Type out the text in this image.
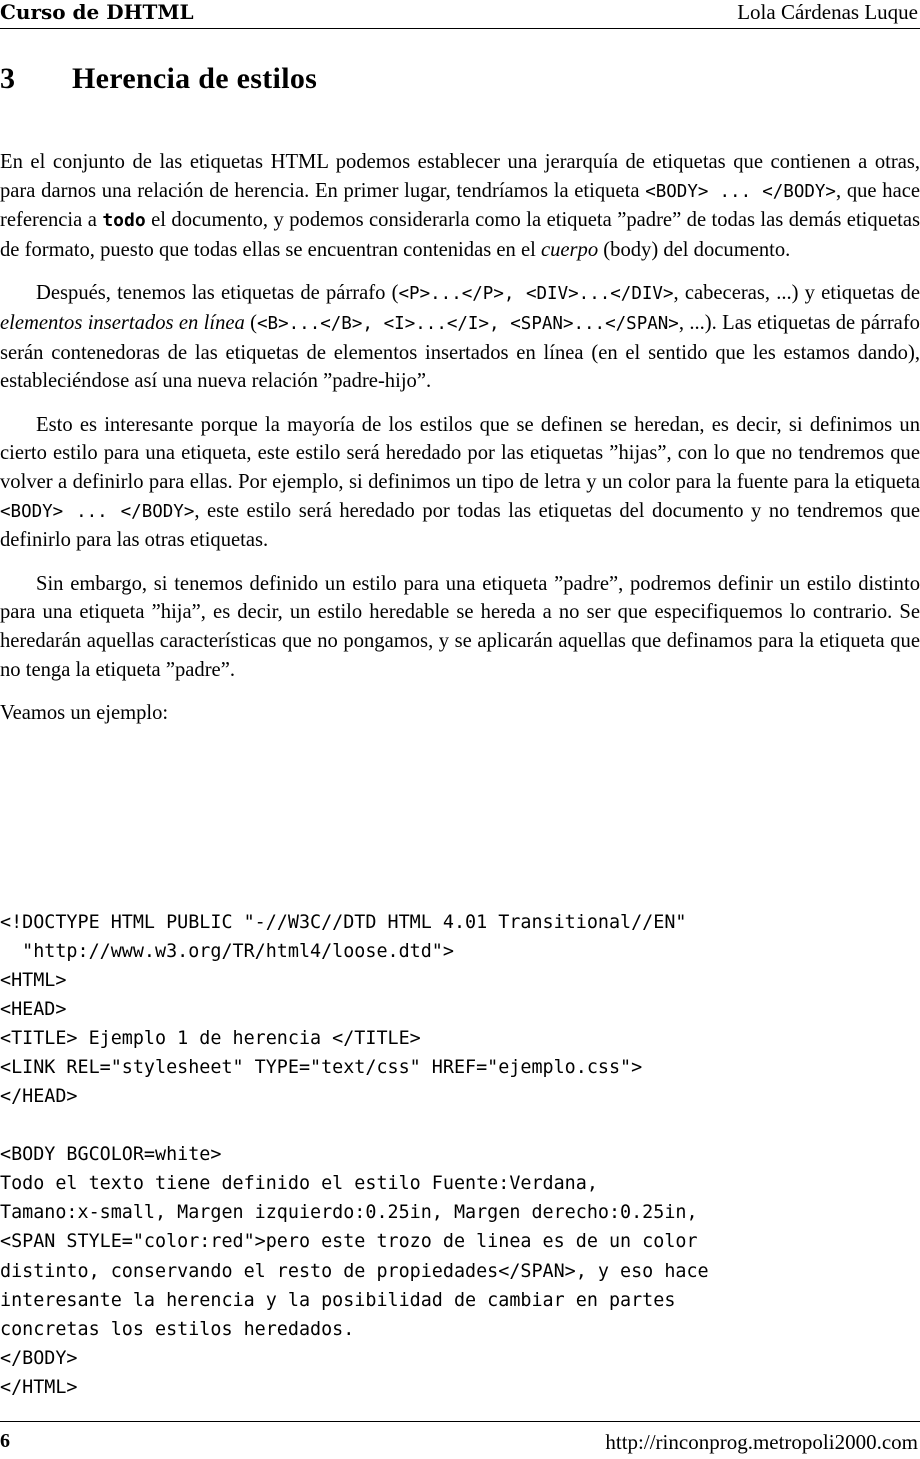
Curso de DHTML	Lola Cárdenas Luque
3 Herencia de estilos

En el conjunto de las etiquetas HTML podemos establecer una jerarquía de etiquetas que contienen a otras, para darnos una relación de herencia. En primer lugar, tendríamos la etiqueta <BODY> ... </BODY>, que hace referencia a todo el documento, y podemos considerarla como la etiqueta ”padre” de todas las demás etiquetas de formato, puesto que todas ellas se encuentran contenidas en el cuerpo (body) del documento.

Después, tenemos las etiquetas de párrafo (<P>...</P>, <DIV>...</DIV>, cabeceras, ...) y etiquetas de elementos insertados en línea (<B>...</B>, <I>...</I>, <SPAN>...</SPAN>, ...). Las etiquetas de párrafo serán contenedoras de las etiquetas de elementos insertados en línea (en el sentido que les estamos dando), estableciéndose así una nueva relación ”padre-hijo”.

Esto es interesante porque la mayoría de los estilos que se definen se heredan, es decir, si definimos un cierto estilo para una etiqueta, este estilo será heredado por las etiquetas ”hijas”, con lo que no tendremos que volver a definirlo para ellas. Por ejemplo, si definimos un tipo de letra y un color para la fuente para la etiqueta <BODY> ... </BODY>, este estilo será heredado por todas las etiquetas del documento y no tendremos que definirlo para las otras etiquetas.

Sin embargo, si tenemos definido un estilo para una etiqueta ”padre”, podremos definir un estilo distinto para una etiqueta ”hija”, es decir, un estilo heredable se hereda a no ser que especifiquemos lo contrario. Se heredarán aquellas características que no pongamos, y se aplicarán aquellas que definamos para la etiqueta que no tenga la etiqueta ”padre”.

Veamos un ejemplo:

<!DOCTYPE HTML PUBLIC "-//W3C//DTD HTML 4.01 Transitional//EN"
"http://www.w3.org/TR/html4/loose.dtd">
<HTML>
<HEAD>
<TITLE> Ejemplo 1 de herencia </TITLE>
<LINK REL="stylesheet" TYPE="text/css" HREF="ejemplo.css">
</HEAD>
<BODY BGCOLOR=white>
Todo el texto tiene definido el estilo Fuente:Verdana,
Tamano:x-small, Margen izquierdo:0.25in, Margen derecho:0.25in,
<SPAN STYLE="color:red">pero este trozo de linea es de un color
distinto, conservando el resto de propiedades</SPAN>, y eso hace
interesante la herencia y la posibilidad de cambiar en partes
concretas los estilos heredados.
</BODY>
</HTML>
6	http://rinconprog.metropoli2000.com
